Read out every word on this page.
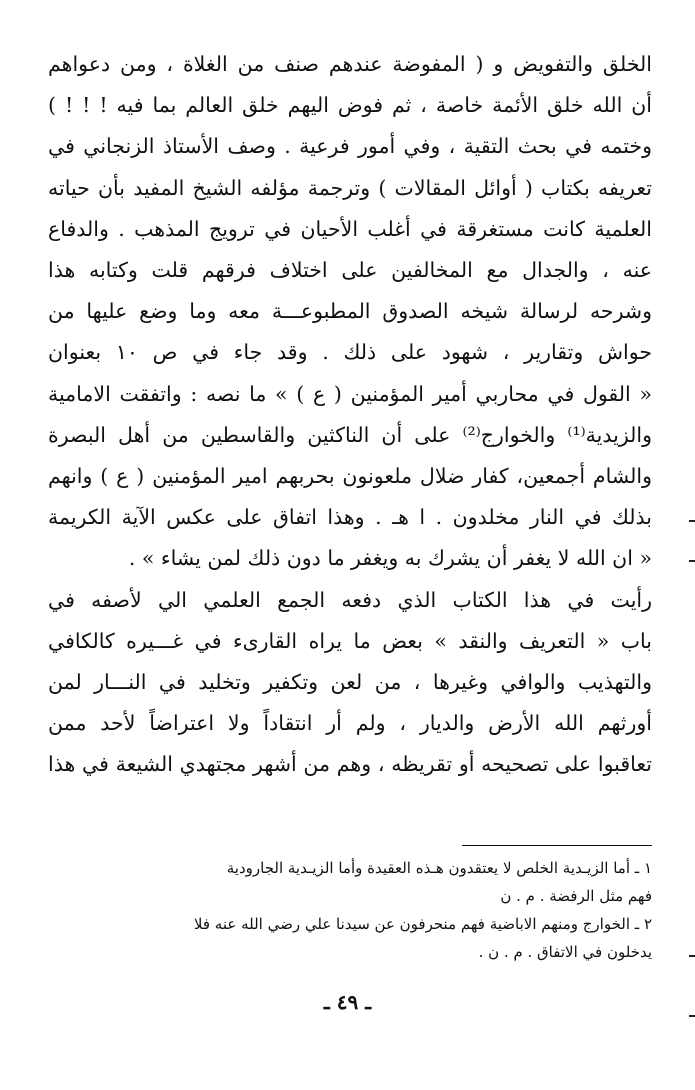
الخلق والتفويض و ( المفوضة عندهم صنف من الغلاة ، ومن دعواهم
أن الله خلق الأئمة خاصة ، ثم فوض اليهم خلق العالم بما فيه ! ! ! )
وختمه في بحث التقية ، وفي أمور فرعية . وصف الأستاذ الزنجاني في
تعريفه بكتاب ( أوائل المقالات ) وترجمة مؤلفه الشيخ المفيد بأن حياته
العلمية كانت مستغرقة في أغلب الأحيان في ترويج المذهب . والدفاع
عنه ، والجدال مع المخالفين على اختلاف فرقهم قلت وكتابه هذا
وشرحه لرسالة شيخه الصدوق المطبوعـــة معه وما وضع عليها من
حواش وتقارير ، شهود على ذلك . وقد جاء في ص ١٠ بعنوان
« القول في محاربي أمير المؤمنين ( ع ) » ما نصه : واتفقت الامامية
والزيدية⁽¹⁾ والخوارج⁽²⁾ على أن الناكثين والقاسطين من أهل البصرة
والشام أجمعين، كفار ضلال ملعونون بحربهم امير المؤمنين ( ع ) وانهم
بذلك في النار مخلدون . ا هـ . وهذا اتفاق على عكس الآية الكريمة
« ان الله لا يغفر أن يشرك به ويغفر ما دون ذلك لمن يشاء » .
رأيت في هذا الكتاب الذي دفعه الجمع العلمي الي لأصفه في
باب « التعريف والنقد » بعض ما يراه القارىء في غـــيره كالكافي
والتهذيب والوافي وغيرها ، من لعن وتكفير وتخليد في النـــار لمن
أورثهم الله الأرض والديار ، ولم أر انتقاداً ولا اعتراضاً لأحد ممن
تعاقبوا على تصحيحه أو تقريظه ، وهم من أشهر مجتهدي الشيعة في هذا
١ ـ أما الزيـدية الخلص لا يعتقدون هـذه العقيدة وأما الزيـدية الجارودية
فهم مثل الرفضة . م . ن
٢ ـ الخوارج ومنهم الاباضية فهم منحرفون عن سيدنا علي رضي الله عنه فلا
يدخلون في الاتفاق . م . ن .
ـ ٤٩ ـ
